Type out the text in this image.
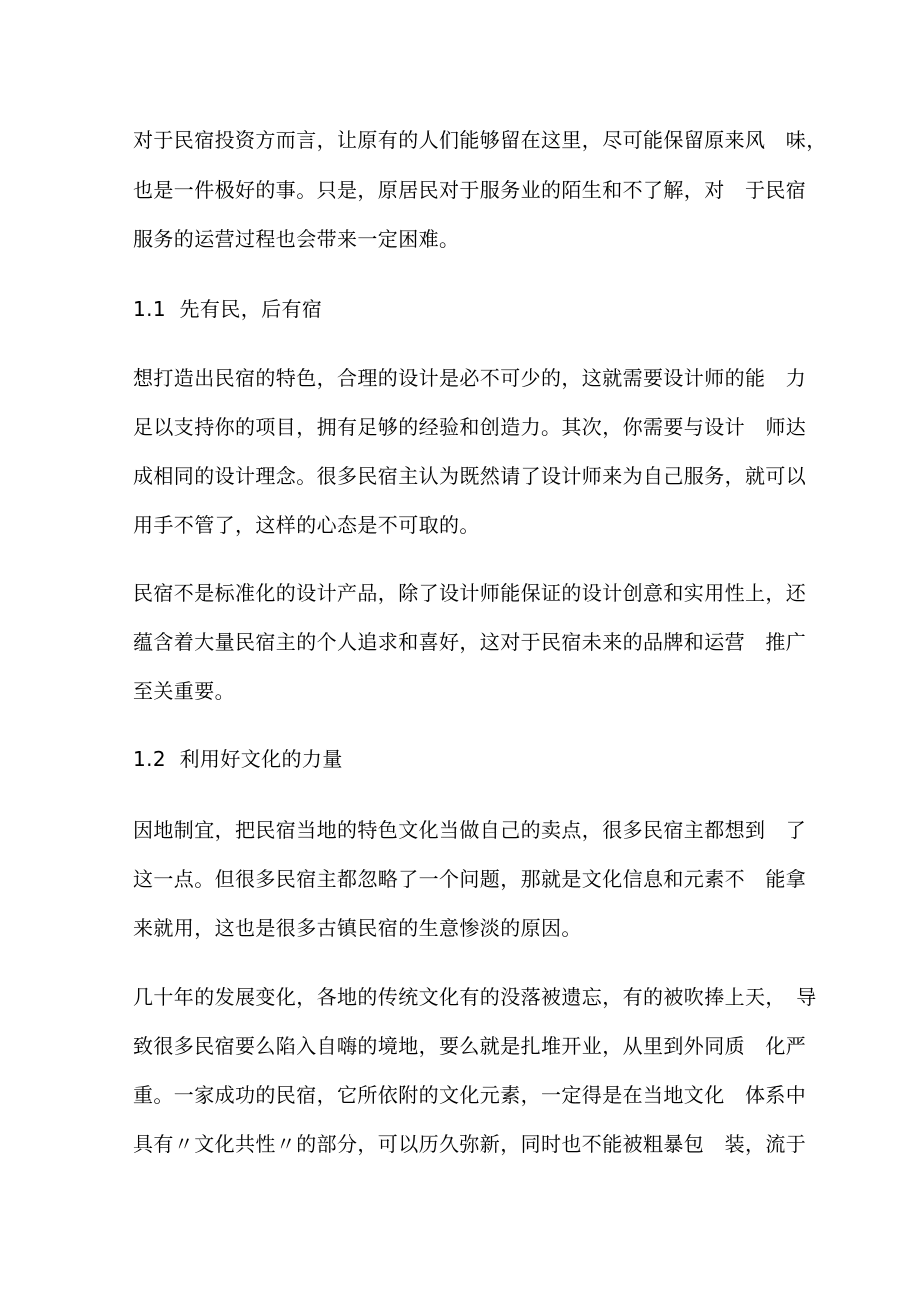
对于民宿投资方而言，让原有的人们能够留在这里，尽可能保留原来风　味，
也是一件极好的事。只是，原居民对于服务业的陌生和不了解，对　于民宿
服务的运营过程也会带来一定困难。
1.1  先有民，后有宿
想打造出民宿的特色，合理的设计是必不可少的，这就需要设计师的能　力
足以支持你的项目，拥有足够的经验和创造力。其次，你需要与设计　师达
成相同的设计理念。很多民宿主认为既然请了设计师来为自己服务，就可以
用手不管了，这样的心态是不可取的。
民宿不是标准化的设计产品，除了设计师能保证的设计创意和实用性上，还
蕴含着大量民宿主的个人追求和喜好，这对于民宿未来的品牌和运营　推广
至关重要。
1.2  利用好文化的力量
因地制宜，把民宿当地的特色文化当做自己的卖点，很多民宿主都想到　了
这一点。但很多民宿主都忽略了一个问题，那就是文化信息和元素不　能拿
来就用，这也是很多古镇民宿的生意惨淡的原因。
几十年的发展变化，各地的传统文化有的没落被遗忘，有的被吹捧上天，　导
致很多民宿要么陷入自嗨的境地，要么就是扎堆开业，从里到外同质　化严
重。一家成功的民宿，它所依附的文化元素，一定得是在当地文化　体系中
具有〃文化共性〃的部分，可以历久弥新，同时也不能被粗暴包　装，流于
